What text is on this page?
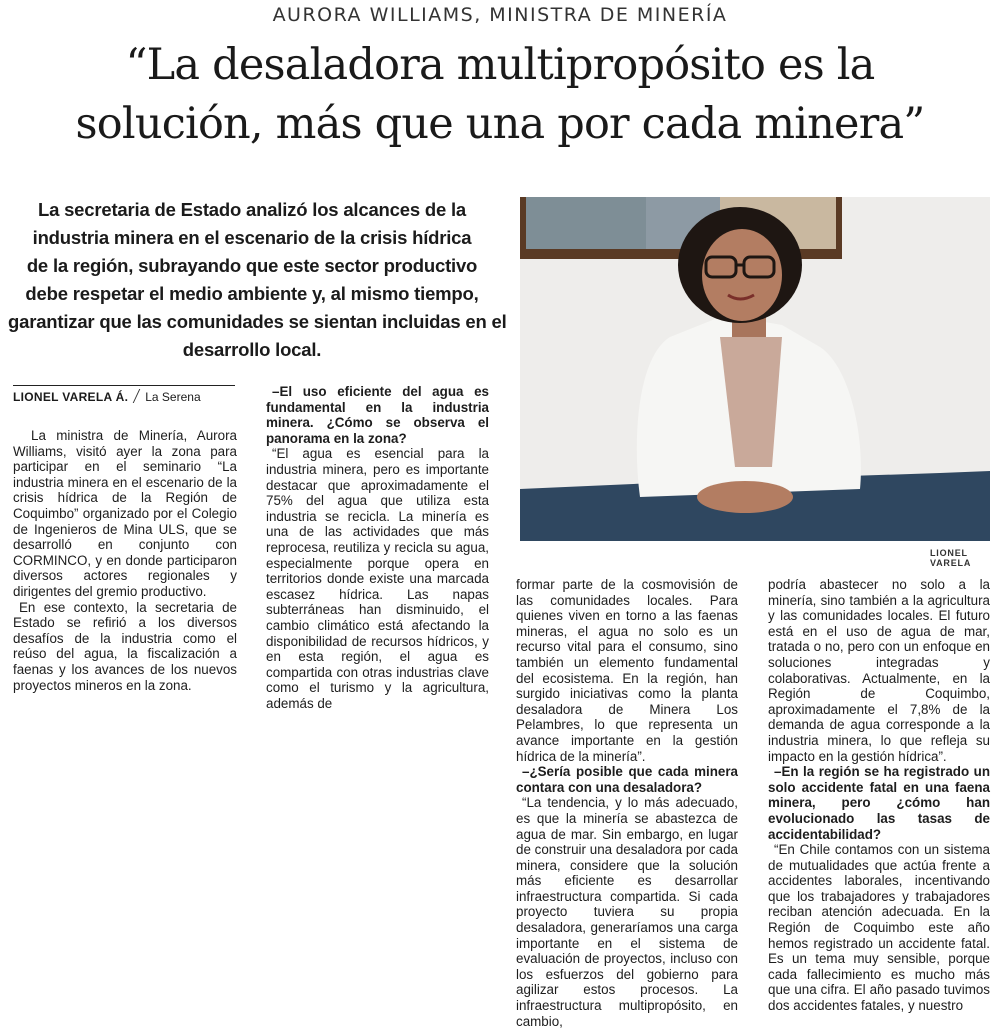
AURORA WILLIAMS, MINISTRA DE MINERÍA
“La desaladora multipropósito es la
solución, más que una por cada minera”
La secretaria de Estado analizó los alcances de la
industria minera en el escenario de la crisis hídrica
de la región, subrayando que este sector productivo
debe respetar el medio ambiente y, al mismo tiempo,
garantizar que las comunidades se sientan incluidas en el
desarrollo local.
LIONEL VARELA Á. La Serena

La ministra de Minería, Aurora Williams, visitó ayer la zona para participar en el seminario “La industria minera en el escenario de la crisis hídrica de la Región de Coquimbo” organizado por el Colegio de Ingenieros de Mina ULS, que se desarrolló en conjunto con CORMINCO, y en donde participaron diversos actores regionales y dirigentes del gremio productivo.

En ese contexto, la secretaria de Estado se refirió a los diversos desafíos de la industria como el reúso del agua, la fiscalización a faenas y los avances de los nuevos proyectos mineros en la zona.

–El uso eficiente del agua es fundamental en la industria minera. ¿Cómo se observa el panorama en la zona?

“El agua es esencial para la industria minera, pero es importante destacar que aproximadamente el 75% del agua que utiliza esta industria se recicla. La minería es una de las actividades que más reprocesa, reutiliza y recicla su agua, especialmente porque opera en territorios donde existe una marcada escasez hídrica. Las napas subterráneas han disminuido, el cambio climático está afectando la disponibilidad de recursos hídricos, y en esta región, el agua es compartida con otras industrias clave como el turismo y la agricultura, además de

LIONEL VARELA

formar parte de la cosmovisión de las comunidades locales. Para quienes viven en torno a las faenas mineras, el agua no solo es un recurso vital para el consumo, sino también un elemento fundamental del ecosistema. En la región, han surgido iniciativas como la planta desaladora de Minera Los Pelambres, lo que representa un avance importante en la gestión hídrica de la minería”.

–¿Sería posible que cada minera contara con una desaladora?

“La tendencia, y lo más adecuado, es que la minería se abastezca de agua de mar. Sin embargo, en lugar de construir una desaladora por cada minera, considere que la solución más eficiente es desarrollar infraestructura compartida. Si cada proyecto tuviera su propia desaladora, generaríamos una carga importante en el sistema de evaluación de proyectos, incluso con los esfuerzos del gobierno para agilizar estos procesos. La infraestructura multipropósito, en cambio,

podría abastecer no solo a la minería, sino también a la agricultura y las comunidades locales. El futuro está en el uso de agua de mar, tratada o no, pero con un enfoque en soluciones integradas y colaborativas. Actualmente, en la Región de Coquimbo, aproximadamente el 7,8% de la demanda de agua corresponde a la industria minera, lo que refleja su impacto en la gestión hídrica”.

–En la región se ha registrado un solo accidente fatal en una faena minera, pero ¿cómo han evolucionado las tasas de accidentabilidad?

“En Chile contamos con un sistema de mutualidades que actúa frente a accidentes laborales, incentivando que los trabajadores y trabajadores reciban atención adecuada. En la Región de Coquimbo este año hemos registrado un accidente fatal. Es un tema muy sensible, porque cada fallecimiento es mucho más que una cifra. El año pasado tuvimos dos accidentes fatales, y nuestro
